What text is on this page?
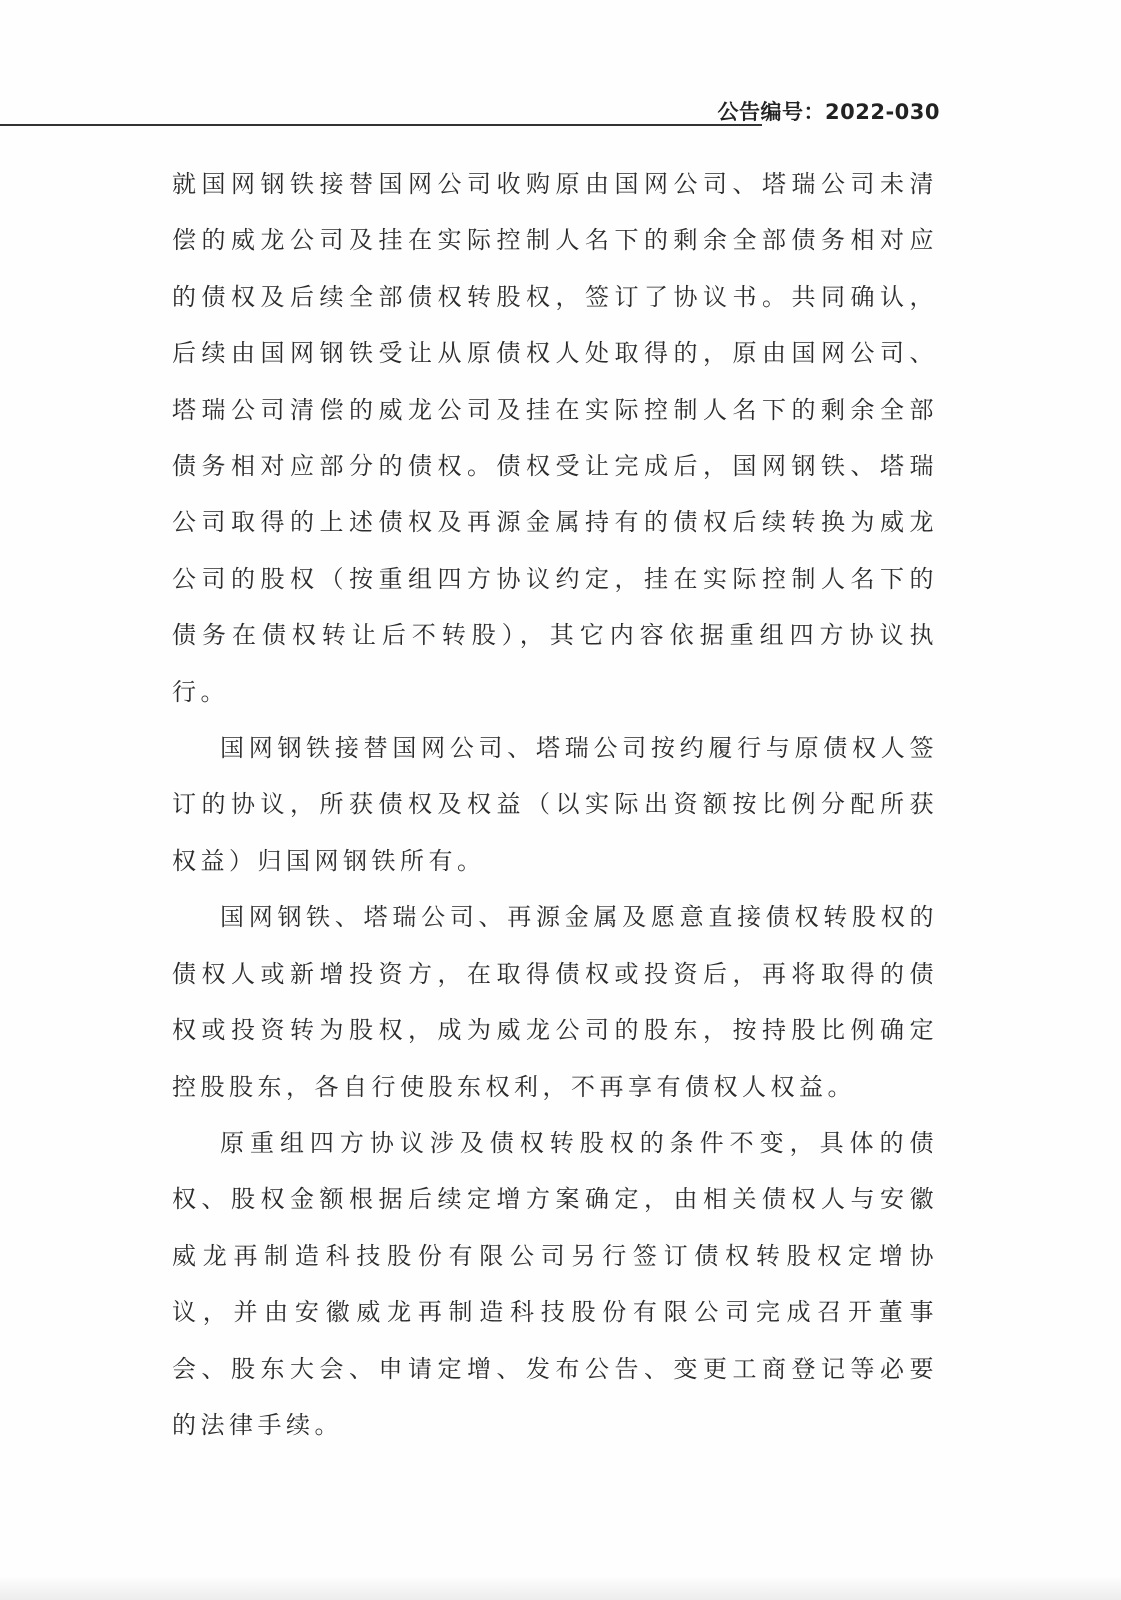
公告编号：2022-030

就国网钢铁接替国网公司收购原由国网公司、塔瑞公司未清偿的威龙公司及挂在实际控制人名下的剩余全部债务相对应的债权及后续全部债权转股权，签订了协议书。共同确认，后续由国网钢铁受让从原债权人处取得的，原由国网公司、塔瑞公司清偿的威龙公司及挂在实际控制人名下的剩余全部债务相对应部分的债权。债权受让完成后，国网钢铁、塔瑞公司取得的上述债权及再源金属持有的债权后续转换为威龙公司的股权（按重组四方协议约定，挂在实际控制人名下的债务在债权转让后不转股），其它内容依据重组四方协议执行。

国网钢铁接替国网公司、塔瑞公司按约履行与原债权人签订的协议，所获债权及权益（以实际出资额按比例分配所获权益）归国网钢铁所有。

国网钢铁、塔瑞公司、再源金属及愿意直接债权转股权的债权人或新增投资方，在取得债权或投资后，再将取得的债权或投资转为股权，成为威龙公司的股东，按持股比例确定控股股东，各自行使股东权利，不再享有债权人权益。

原重组四方协议涉及债权转股权的条件不变，具体的债权、股权金额根据后续定增方案确定，由相关债权人与安徽威龙再制造科技股份有限公司另行签订债权转股权定增协议，并由安徽威龙再制造科技股份有限公司完成召开董事会、股东大会、申请定增、发布公告、变更工商登记等必要的法律手续。
